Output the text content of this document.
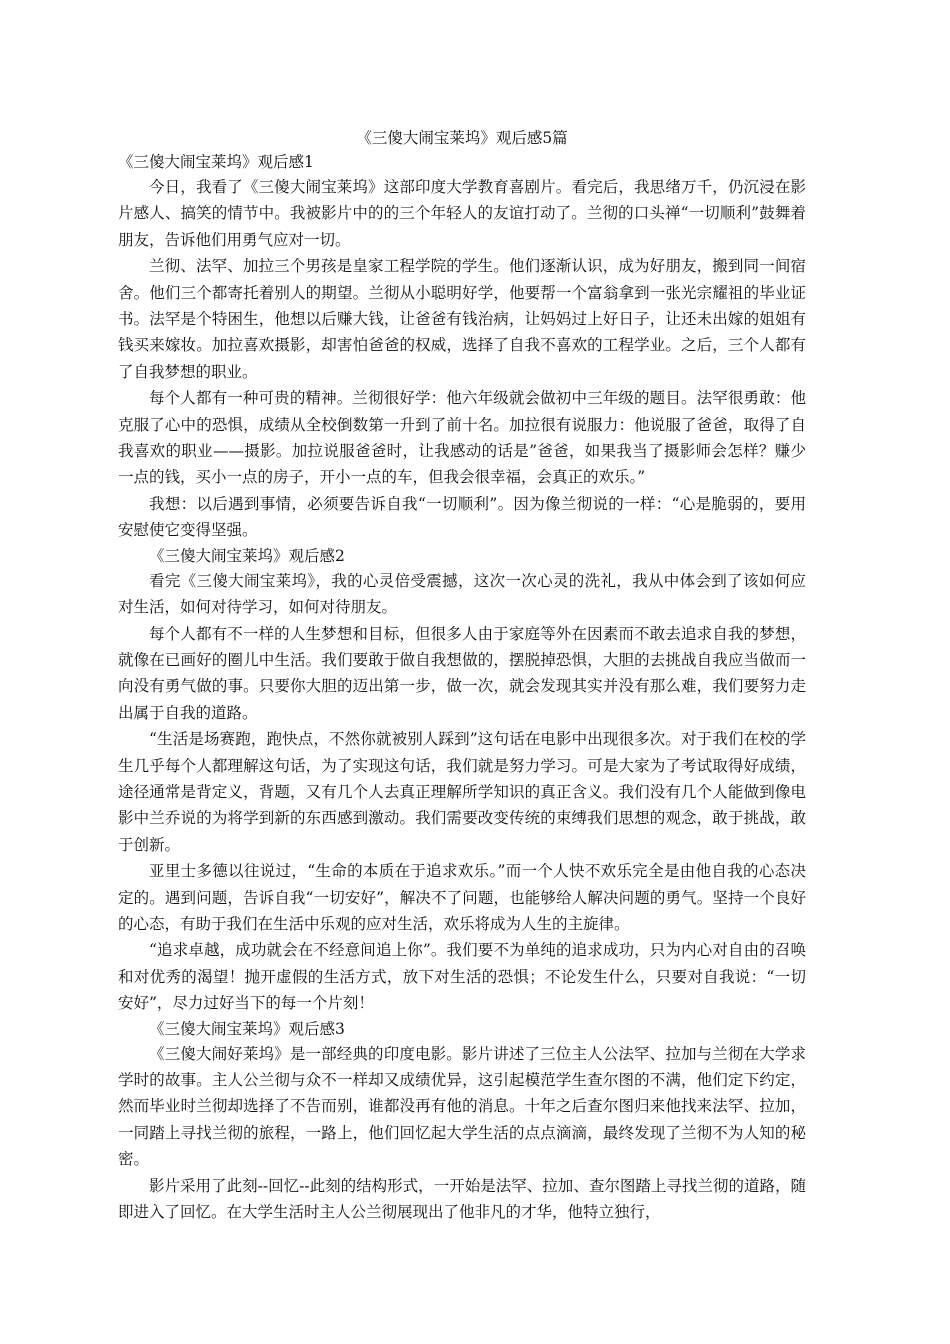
《三傻大闹宝莱坞》观后感5篇
《三傻大闹宝莱坞》观后感1

今日，我看了《三傻大闹宝莱坞》这部印度大学教育喜剧片。看完后，我思绪万千，仍沉浸在影片感人、搞笑的情节中。我被影片中的的三个年轻人的友谊打动了。兰彻的口头禅“一切顺利”鼓舞着朋友，告诉他们用勇气应对一切。

兰彻、法罕、加拉三个男孩是皇家工程学院的学生。他们逐渐认识，成为好朋友，搬到同一间宿舍。他们三个都寄托着别人的期望。兰彻从小聪明好学，他要帮一个富翁拿到一张光宗耀祖的毕业证书。法罕是个特困生，他想以后赚大钱，让爸爸有钱治病，让妈妈过上好日子，让还未出嫁的姐姐有钱买来嫁妆。加拉喜欢摄影，却害怕爸爸的权威，选择了自我不喜欢的工程学业。之后，三个人都有了自我梦想的职业。

每个人都有一种可贵的精神。兰彻很好学：他六年级就会做初中三年级的题目。法罕很勇敢：他克服了心中的恐惧，成绩从全校倒数第一升到了前十名。加拉很有说服力：他说服了爸爸，取得了自我喜欢的职业——摄影。加拉说服爸爸时，让我感动的话是”爸爸，如果我当了摄影师会怎样？赚少一点的钱，买小一点的房子，开小一点的车，但我会很幸福，会真正的欢乐。”

我想：以后遇到事情，必须要告诉自我“一切顺利”。因为像兰彻说的一样：“心是脆弱的，要用安慰使它变得坚强。

《三傻大闹宝莱坞》观后感2

看完《三傻大闹宝莱坞》，我的心灵倍受震撼，这次一次心灵的洗礼，我从中体会到了该如何应对生活，如何对待学习，如何对待朋友。

每个人都有不一样的人生梦想和目标，但很多人由于家庭等外在因素而不敢去追求自我的梦想，就像在已画好的圈儿中生活。我们要敢于做自我想做的，摆脱掉恐惧，大胆的去挑战自我应当做而一向没有勇气做的事。只要你大胆的迈出第一步，做一次，就会发现其实并没有那么难，我们要努力走出属于自我的道路。

“生活是场赛跑，跑快点，不然你就被别人踩到”这句话在电影中出现很多次。对于我们在校的学生几乎每个人都理解这句话，为了实现这句话，我们就是努力学习。可是大家为了考试取得好成绩，途径通常是背定义，背题，又有几个人去真正理解所学知识的真正含义。我们没有几个人能做到像电影中兰乔说的为将学到新的东西感到激动。我们需要改变传统的束缚我们思想的观念，敢于挑战，敢于创新。

亚里士多德以往说过，“生命的本质在于追求欢乐。”而一个人快不欢乐完全是由他自我的心态决定的。遇到问题，告诉自我“一切安好”，解决不了问题，也能够给人解决问题的勇气。坚持一个良好的心态，有助于我们在生活中乐观的应对生活，欢乐将成为人生的主旋律。

“追求卓越，成功就会在不经意间追上你”。我们要不为单纯的追求成功，只为内心对自由的召唤和对优秀的渴望！抛开虚假的生活方式，放下对生活的恐惧；不论发生什么，只要对自我说：“一切安好”，尽力过好当下的每一个片刻！

《三傻大闹宝莱坞》观后感3

《三傻大闹好莱坞》是一部经典的印度电影。影片讲述了三位主人公法罕、拉加与兰彻在大学求学时的故事。主人公兰彻与众不一样却又成绩优异，这引起模范学生查尔图的不满，他们定下约定，然而毕业时兰彻却选择了不告而别，谁都没再有他的消息。十年之后查尔图归来他找来法罕、拉加，一同踏上寻找兰彻的旅程，一路上，他们回忆起大学生活的点点滴滴，最终发现了兰彻不为人知的秘密。

影片采用了此刻--回忆--此刻的结构形式，一开始是法罕、拉加、查尔图踏上寻找兰彻的道路，随即进入了回忆。在大学生活时主人公兰彻展现出了他非凡的才华，他特立独行，
